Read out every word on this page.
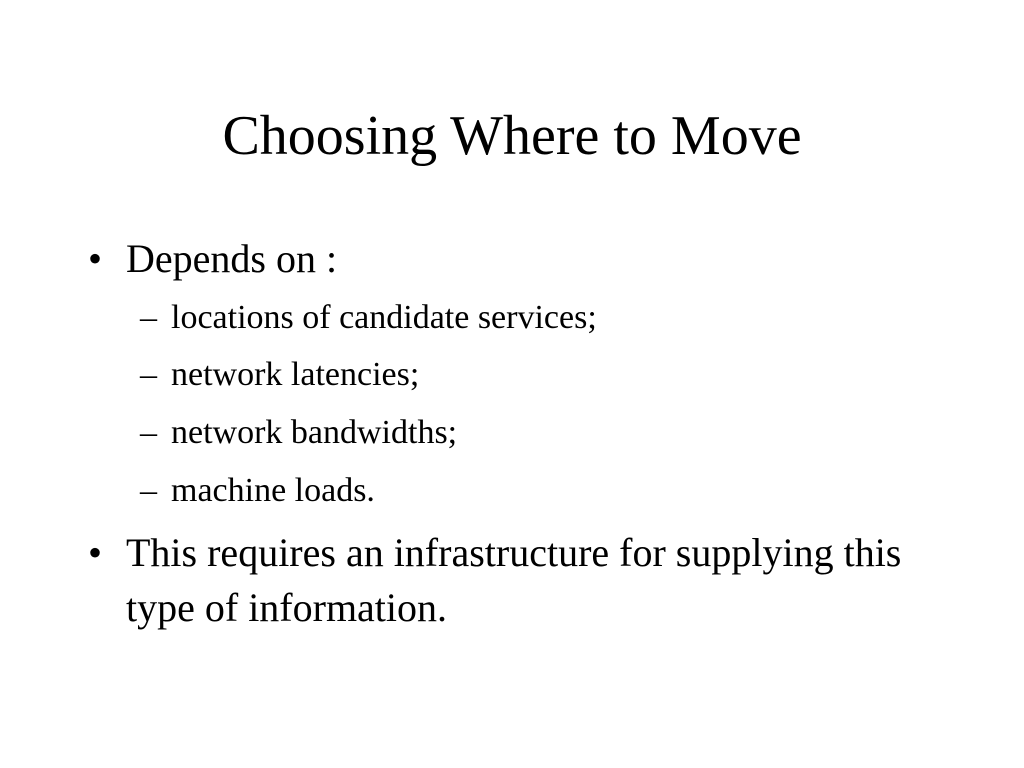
Choosing Where to Move
• Depends on :
– locations of candidate services;
– network latencies;
– network bandwidths;
– machine loads.
• This requires an infrastructure for supplying this type of information.
